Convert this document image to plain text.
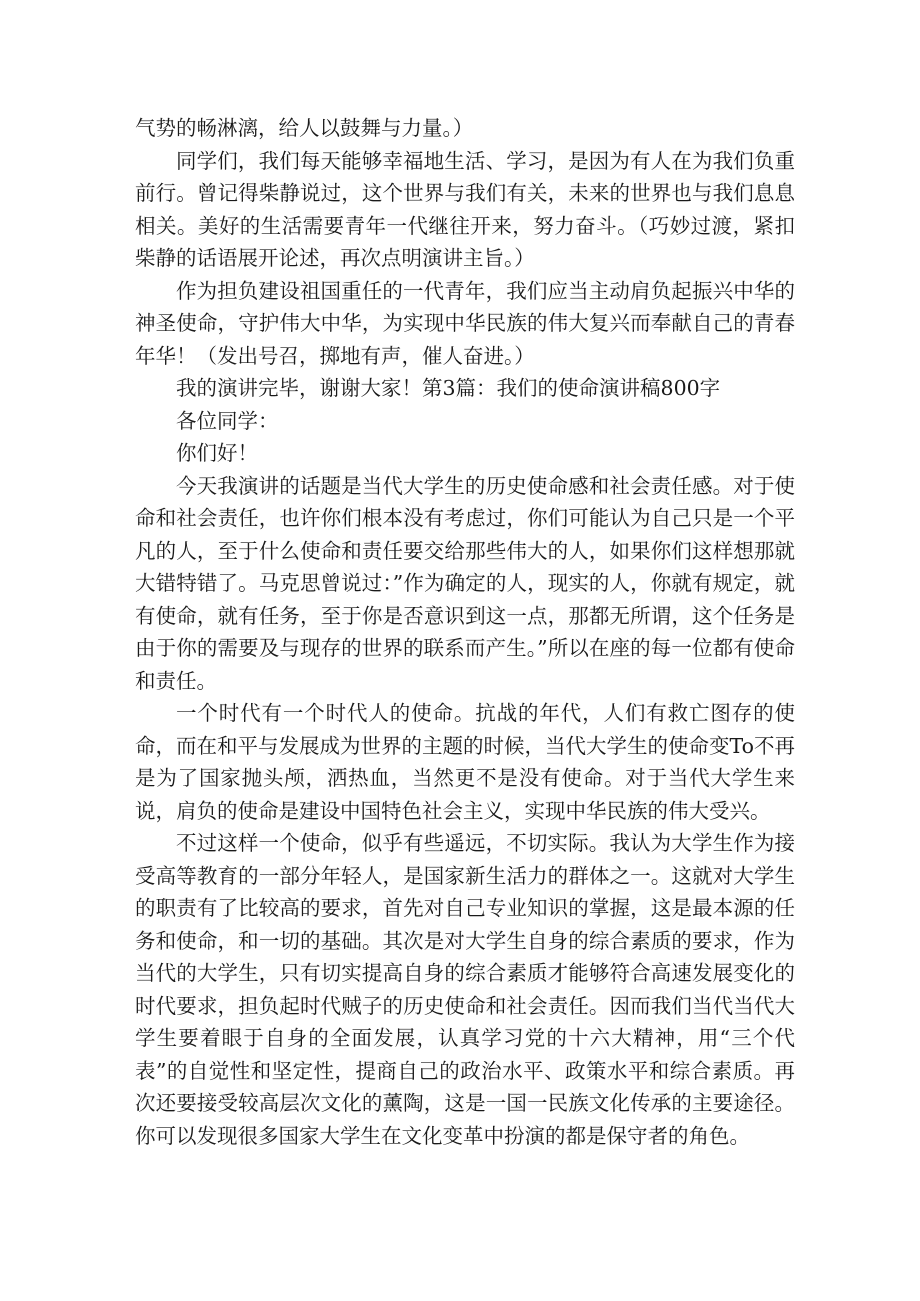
气势的畅淋漓，给人以鼓舞与力量。）

同学们，我们每天能够幸福地生活、学习，是因为有人在为我们负重前行。曾记得柴静说过，这个世界与我们有关，未来的世界也与我们息息相关。美好的生活需要青年一代继往开来，努力奋斗。（巧妙过渡，紧扣柴静的话语展开论述，再次点明演讲主旨。）

作为担负建设祖国重任的一代青年，我们应当主动肩负起振兴中华的神圣使命，守护伟大中华，为实现中华民族的伟大复兴而奉献自己的青春年华！（发出号召，掷地有声，催人奋进。）

我的演讲完毕，谢谢大家！第3篇：我们的使命演讲稿800字

各位同学：

你们好！

今天我演讲的话题是当代大学生的历史使命感和社会责任感。对于使命和社会责任，也许你们根本没有考虑过，你们可能认为自己只是一个平凡的人，至于什么使命和责任要交给那些伟大的人，如果你们这样想那就大错特错了。马克思曾说过：”作为确定的人，现实的人，你就有规定，就有使命，就有任务，至于你是否意识到这一点，那都无所谓，这个任务是由于你的需要及与现存的世界的联系而产生。”所以在座的每一位都有使命和责任。

一个时代有一个时代人的使命。抗战的年代，人们有救亡图存的使命，而在和平与发展成为世界的主题的时候，当代大学生的使命变To不再是为了国家抛头颅，洒热血，当然更不是没有使命。对于当代大学生来说，肩负的使命是建设中国特色社会主义，实现中华民族的伟大受兴。

不过这样一个使命，似乎有些遥远，不切实际。我认为大学生作为接受高等教育的一部分年轻人，是国家新生活力的群体之一。这就对大学生的职责有了比较高的要求，首先对自己专业知识的掌握，这是最本源的任务和使命，和一切的基础。其次是对大学生自身的综合素质的要求，作为当代的大学生，只有切实提高自身的综合素质才能够符合高速发展变化的时代要求，担负起时代贼子的历史使命和社会责任。因而我们当代当代大学生要着眼于自身的全面发展，认真学习党的十六大精神，用“三个代表”的自觉性和坚定性，提商自己的政治水平、政策水平和综合素质。再次还要接受较高层次文化的薰陶，这是一国一民族文化传承的主要途径。你可以发现很多国家大学生在文化变革中扮演的都是保守者的角色。
